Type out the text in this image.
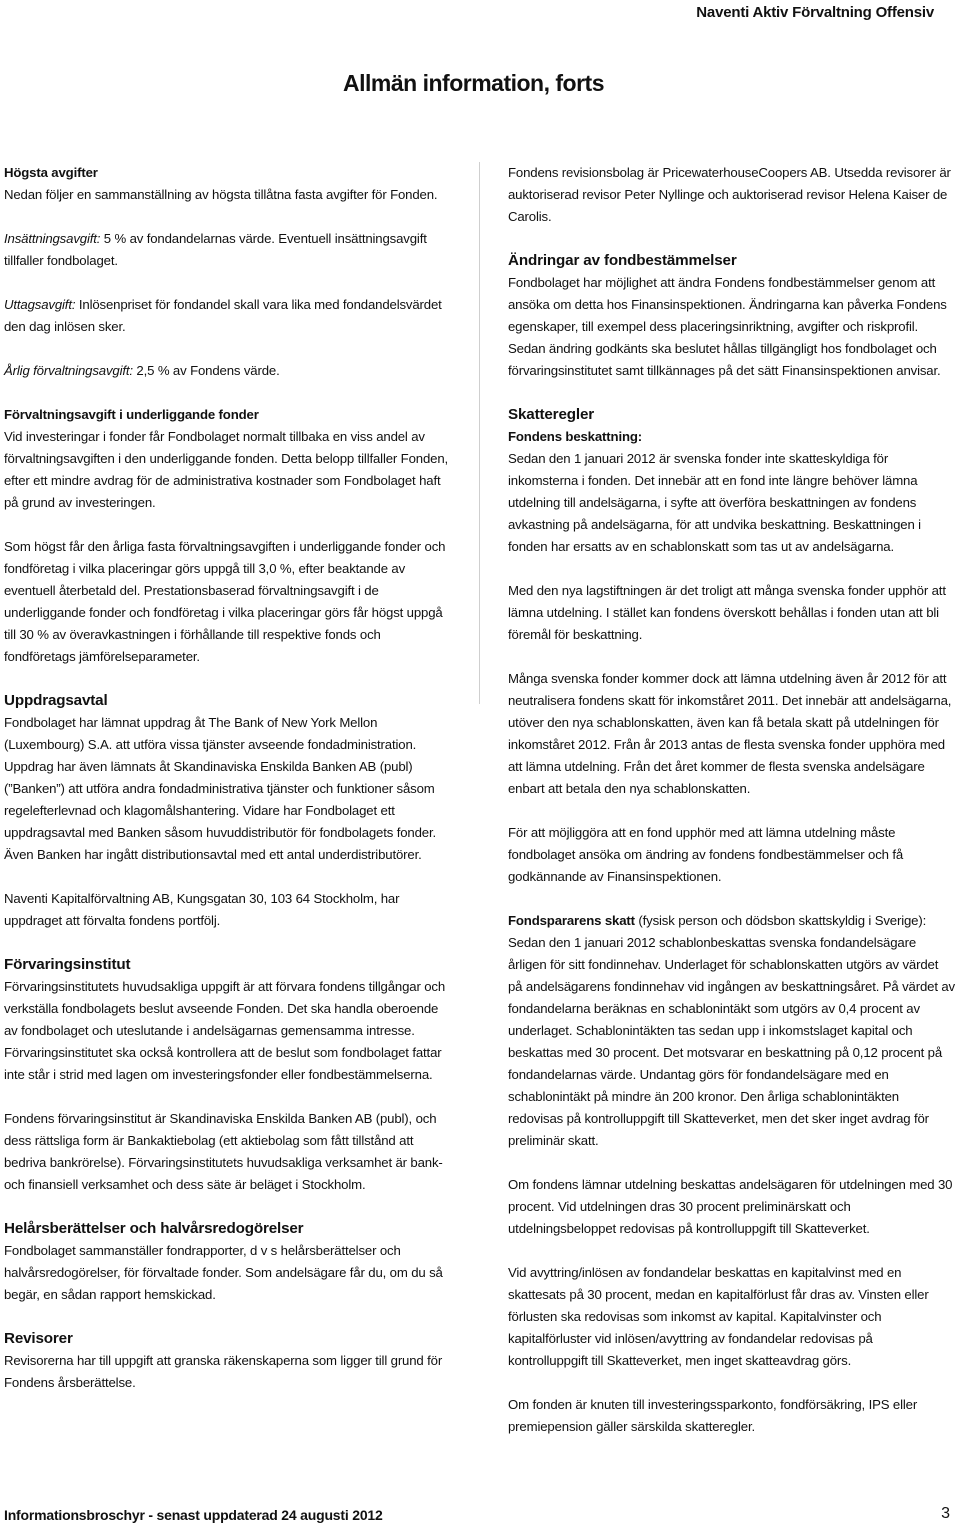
Naventi Aktiv Förvaltning Offensiv
Allmän information, forts
Högsta avgifter

Nedan följer en sammanställning av högsta tillåtna fasta avgifter för Fonden.

Insättningsavgift: 5 % av fondandelarnas värde. Eventuell insättningsavgift tillfaller fondbolaget.

Uttagsavgift: Inlösenpriset för fondandel skall vara lika med fondandelsvärdet den dag inlösen sker.

Årlig förvaltningsavgift: 2,5 % av Fondens värde.

Förvaltningsavgift i underliggande fonder

Vid investeringar i fonder får Fondbolaget normalt tillbaka en viss andel av förvaltningsavgiften i den underliggande fonden. Detta belopp tillfaller Fonden, efter ett mindre avdrag för de administrativa kostnader som Fondbolaget haft på grund av investeringen.

Som högst får den årliga fasta förvaltningsavgiften i underliggande fonder och fondföretag i vilka placeringar görs uppgå till 3,0 %, efter beaktande av eventuell återbetald del. Prestationsbaserad förvaltningsavgift i de underliggande fonder och fondföretag i vilka placeringar görs får högst uppgå till 30 % av överavkastningen i förhållande till respektive fonds och fondföretags jämförelseparameter.

Uppdragsavtal

Fondbolaget har lämnat uppdrag åt The Bank of New York Mellon (Luxembourg) S.A. att utföra vissa tjänster avseende fondadministration. Uppdrag har även lämnats åt Skandinaviska Enskilda Banken AB (publ) (”Banken”) att utföra andra fondadministrativa tjänster och funktioner såsom regelefterlevnad och klagomålshantering. Vidare har Fondbolaget ett uppdragsavtal med Banken såsom huvuddistributör för fondbolagets fonder. Även Banken har ingått distributionsavtal med ett antal underdistributörer.

Naventi Kapitalförvaltning AB, Kungsgatan 30, 103 64 Stockholm, har uppdraget att förvalta fondens portfölj.

Förvaringsinstitut

Förvaringsinstitutets huvudsakliga uppgift är att förvara fondens tillgångar och verkställa fondbolagets beslut avseende Fonden. Det ska handla oberoende av fondbolaget och uteslutande i andelsägarnas gemensamma intresse. Förvaringsinstitutet ska också kontrollera att de beslut som fondbolaget fattar inte står i strid med lagen om investeringsfonder eller fondbestämmelserna.

Fondens förvaringsinstitut är Skandinaviska Enskilda Banken AB (publ), och dess rättsliga form är Bankaktiebolag (ett aktiebolag som fått tillstånd att bedriva bankrörelse). Förvaringsinstitutets huvudsakliga verksamhet är bank- och finansiell verksamhet och dess säte är beläget i Stockholm.

Helårsberättelser och halvårsredogörelser

Fondbolaget sammanställer fondrapporter, d v s helårsberättelser och halvårsredogörelser, för förvaltade fonder. Som andelsägare får du, om du så begär, en sådan rapport hemskickad.

Revisorer

Revisorerna har till uppgift att granska räkenskaperna som ligger till grund för Fondens årsberättelse.

Fondens revisionsbolag är PricewaterhouseCoopers AB. Utsedda revisorer är auktoriserad revisor Peter Nyllinge och auktoriserad revisor Helena Kaiser de Carolis.

Ändringar av fondbestämmelser

Fondbolaget har möjlighet att ändra Fondens fondbestämmelser genom att ansöka om detta hos Finansinspektionen. Ändringarna kan påverka Fondens egenskaper, till exempel dess placeringsinriktning, avgifter och riskprofil. Sedan ändring godkänts ska beslutet hållas tillgängligt hos fondbolaget och förvaringsinstitutet samt tillkännages på det sätt Finansinspektionen anvisar.

Skatteregler
Fondens beskattning:

Sedan den 1 januari 2012 är svenska fonder inte skatteskyldiga för inkomsterna i fonden. Det innebär att en fond inte längre behöver lämna utdelning till andelsägarna, i syfte att överföra beskattningen av fondens avkastning på andelsägarna, för att undvika beskattning. Beskattningen i fonden har ersatts av en schablonskatt som tas ut av andelsägarna.

Med den nya lagstiftningen är det troligt att många svenska fonder upphör att lämna utdelning. I stället kan fondens överskott behållas i fonden utan att bli föremål för beskattning.

Många svenska fonder kommer dock att lämna utdelning även år 2012 för att neutralisera fondens skatt för inkomståret 2011. Det innebär att andelsägarna, utöver den nya schablonskatten, även kan få betala skatt på utdelningen för inkomståret 2012. Från år 2013 antas de flesta svenska fonder upphöra med att lämna utdelning. Från det året kommer de flesta svenska andelsägare enbart att betala den nya schablonskatten.

För att möjliggöra att en fond upphör med att lämna utdelning måste fondbolaget ansöka om ändring av fondens fondbestämmelser och få godkännande av Finansinspektionen.

Fondspararens skatt (fysisk person och dödsbon skattskyldig i Sverige): Sedan den 1 januari 2012 schablonbeskattas svenska fondandelsägare årligen för sitt fondinnehav. Underlaget för schablonskatten utgörs av värdet på andelsägarens fondinnehav vid ingången av beskattningsåret. På värdet av fondandelarna beräknas en schablonintäkt som utgörs av 0,4 procent av underlaget. Schablonintäkten tas sedan upp i inkomstslaget kapital och beskattas med 30 procent. Det motsvarar en beskattning på 0,12 procent på fondandelarnas värde. Undantag görs för fondandelsägare med en schablonintäkt på mindre än 200 kronor. Den årliga schablonintäkten redovisas på kontrolluppgift till Skatteverket, men det sker inget avdrag för preliminär skatt.

Om fondens lämnar utdelning beskattas andelsägaren för utdelningen med 30 procent. Vid utdelningen dras 30 procent preliminärskatt och utdelningsbeloppet redovisas på kontrolluppgift till Skatteverket.

Vid avyttring/inlösen av fondandelar beskattas en kapitalvinst med en skattesats på 30 procent, medan en kapitalförlust får dras av. Vinsten eller förlusten ska redovisas som inkomst av kapital. Kapitalvinster och kapitalförluster vid inlösen/avyttring av fondandelar redovisas på kontrolluppgift till Skatteverket, men inget skatteavdrag görs.

Om fonden är knuten till investeringssparkonto, fondförsäkring, IPS eller premiepension gäller särskilda skatteregler.

Informationsbroschyr - senast uppdaterad 24 augusti 2012	3
